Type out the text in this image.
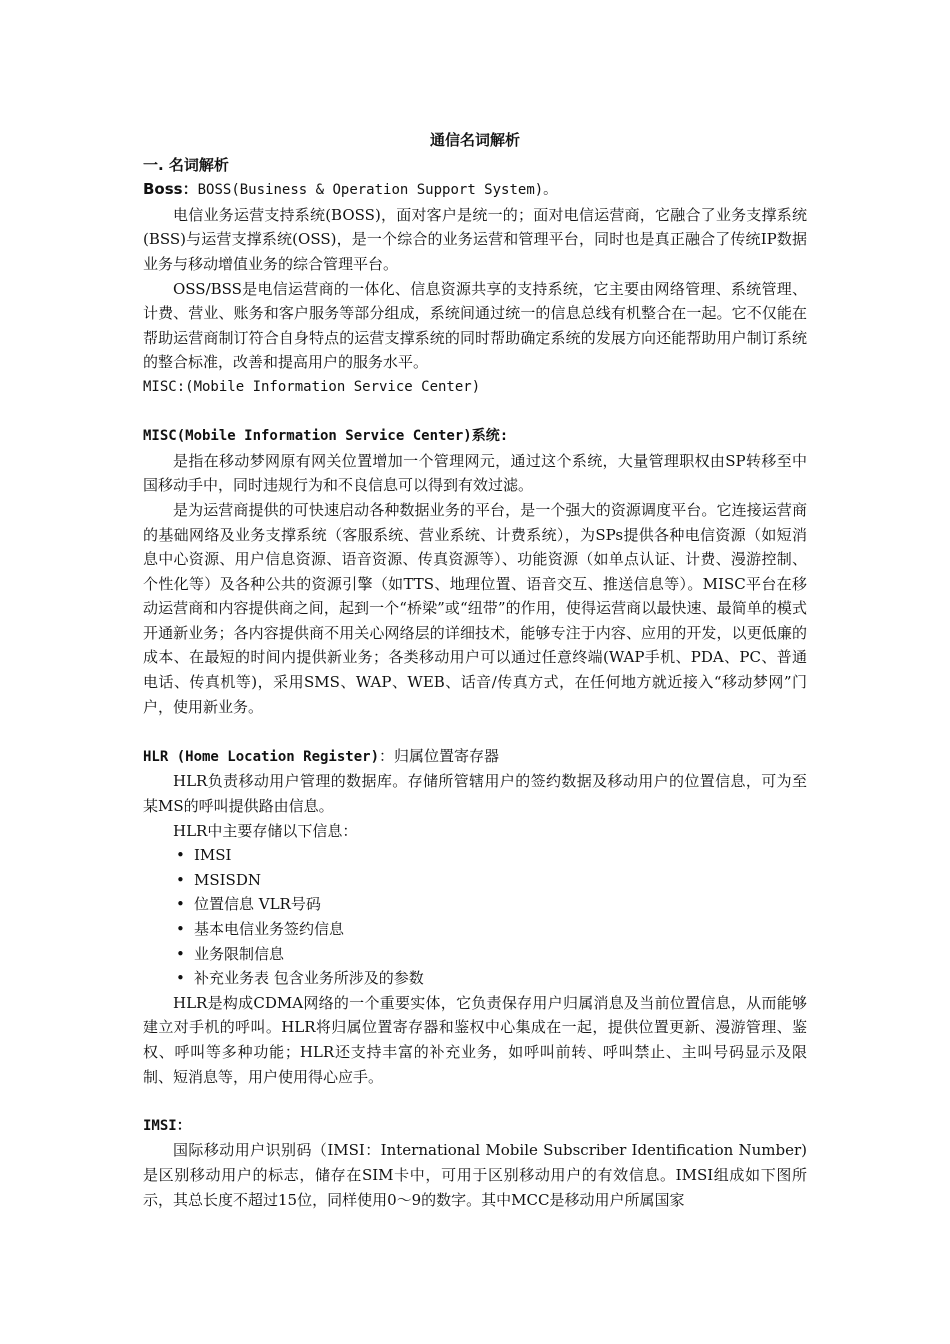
通信名词解析

一. 名词解析

Boss：BOSS(Business & Operation Support System)。

电信业务运营支持系统(BOSS)，面对客户是统一的；面对电信运营商，它融合了业务支撑系统(BSS)与运营支撑系统(OSS)，是一个综合的业务运营和管理平台，同时也是真正融合了传统IP数据业务与移动增值业务的综合管理平台。

OSS/BSS是电信运营商的一体化、信息资源共享的支持系统，它主要由网络管理、系统管理、计费、营业、账务和客户服务等部分组成，系统间通过统一的信息总线有机整合在一起。它不仅能在帮助运营商制订符合自身特点的运营支撑系统的同时帮助确定系统的发展方向还能帮助用户制订系统的整合标准，改善和提高用户的服务水平。

MISC:(Mobile Information Service Center)

MISC(Mobile Information Service Center)系统:

是指在移动梦网原有网关位置增加一个管理网元，通过这个系统，大量管理职权由SP转移至中国移动手中，同时违规行为和不良信息可以得到有效过滤。

是为运营商提供的可快速启动各种数据业务的平台，是一个强大的资源调度平台。它连接运营商的基础网络及业务支撑系统（客服系统、营业系统、计费系统），为SPs提供各种电信资源（如短消息中心资源、用户信息资源、语音资源、传真资源等）、功能资源（如单点认证、计费、漫游控制、个性化等）及各种公共的资源引擎（如TTS、地理位置、语音交互、推送信息等）。MISC平台在移动运营商和内容提供商之间，起到一个“桥梁”或“纽带”的作用，使得运营商以最快速、最简单的模式开通新业务；各内容提供商不用关心网络层的详细技术，能够专注于内容、应用的开发，以更低廉的成本、在最短的时间内提供新业务；各类移动用户可以通过任意终端(WAP手机、PDA、PC、普通电话、传真机等)，采用SMS、WAP、WEB、话音/传真方式，在任何地方就近接入“移动梦网”门户，使用新业务。

HLR (Home Location Register)：归属位置寄存器

HLR负责移动用户管理的数据库。存储所管辖用户的签约数据及移动用户的位置信息，可为至某MS的呼叫提供路由信息。

HLR中主要存储以下信息：

• IMSI
• MSISDN
• 位置信息 VLR号码
• 基本电信业务签约信息
• 业务限制信息
• 补充业务表 包含业务所涉及的参数

HLR是构成CDMA网络的一个重要实体，它负责保存用户归属消息及当前位置信息，从而能够建立对手机的呼叫。HLR将归属位置寄存器和鉴权中心集成在一起，提供位置更新、漫游管理、鉴权、呼叫等多种功能；HLR还支持丰富的补充业务，如呼叫前转、呼叫禁止、主叫号码显示及限制、短消息等，用户使用得心应手。

IMSI：

国际移动用户识别码（IMSI：International Mobile Subscriber Identification Number)是区别移动用户的标志，储存在SIM卡中，可用于区别移动用户的有效信息。IMSI组成如下图所示，其总长度不超过15位，同样使用0～9的数字。其中MCC是移动用户所属国家
